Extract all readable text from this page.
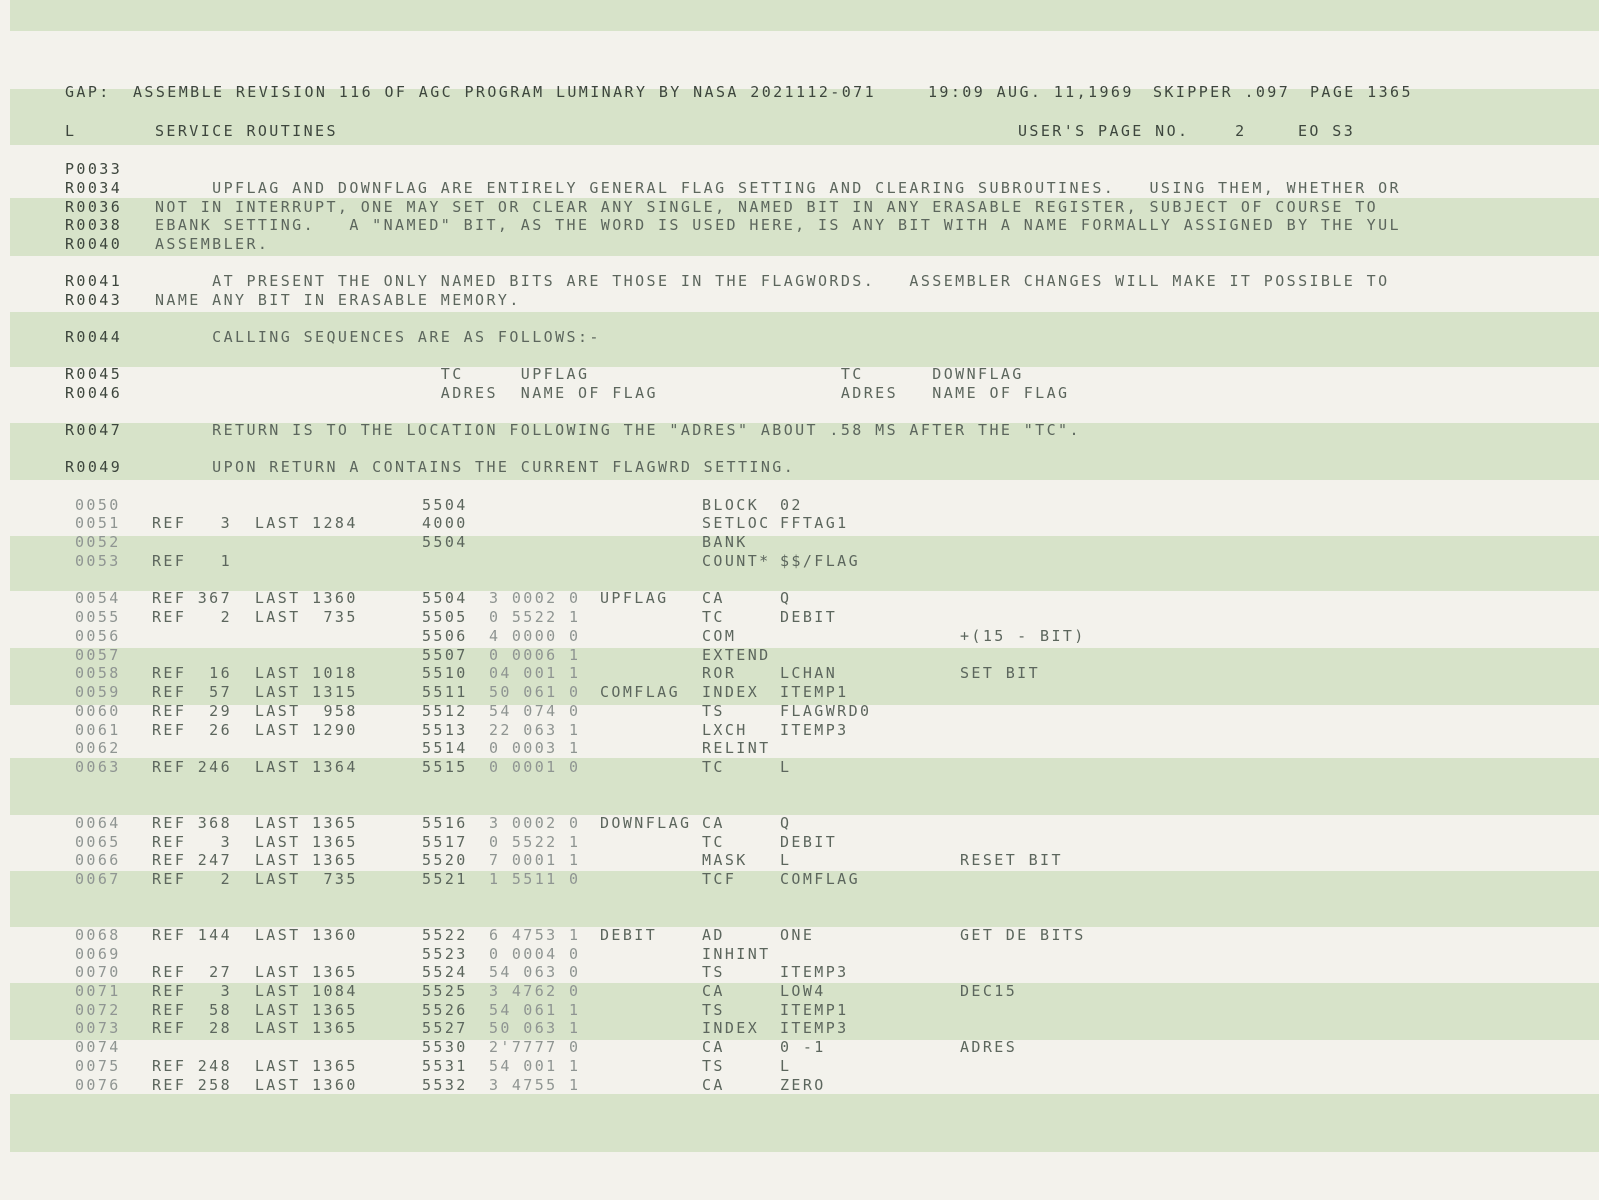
GAP: ASSEMBLE REVISION 116 OF AGC PROGRAM LUMINARY BY NASA 2021112-071	19:09 AUG. 11,1969 SKIPPER .097 PAGE 1365
L	SERVICE ROUTINES	USER'S PAGE NO.    2	EO S3
P0033
R0034 UPFLAG AND DOWNFLAG ARE ENTIRELY GENERAL FLAG SETTING AND CLEARING SUBROUTINES.   USING THEM, WHETHER OR
R0036 NOT IN INTERRUPT, ONE MAY SET OR CLEAR ANY SINGLE, NAMED BIT IN ANY ERASABLE REGISTER, SUBJECT OF COURSE TO
R0038 EBANK SETTING.   A "NAMED" BIT, AS THE WORD IS USED HERE, IS ANY BIT WITH A NAME FORMALLY ASSIGNED BY THE YUL
R0040 ASSEMBLER.
R0041 AT PRESENT THE ONLY NAMED BITS ARE THOSE IN THE FLAGWORDS.   ASSEMBLER CHANGES WILL MAKE IT POSSIBLE TO
R0043 NAME ANY BIT IN ERASABLE MEMORY.
R0044 CALLING SEQUENCES ARE AS FOLLOWS:-
R0045 TC     UPFLAG                      TC      DOWNFLAG
R0046 ADRES  NAME OF FLAG                ADRES   NAME OF FLAG
R0047 RETURN IS TO THE LOCATION FOLLOWING THE "ADRES" ABOUT .58 MS AFTER THE "TC".
R0049 UPON RETURN A CONTAINS THE CURRENT FLAGWRD SETTING.
0050	5504	BLOCK 02
0051 REF   3  LAST 1284	4000	SETLOC FFTAG1
0052	5504	BANK
0053 REF   1	COUNT* $$/FLAG
0054 REF 367  LAST 1360	5504 3 0002 0 UPFLAG CA	Q
0055 REF   2  LAST  735	5505 0 5522 1	TC	DEBIT
0056	5506 4 0000 0	COM	+(15 - BIT)
0057	5507 0 0006 1	EXTEND
0058 REF  16  LAST 1018	5510 04 001 1	ROR	LCHAN	SET BIT
0059 REF  57  LAST 1315	5511 50 061 0 COMFLAG INDEX ITEMP1
0060 REF  29  LAST  958	5512 54 074 0	TS	FLAGWRD0
0061 REF  26  LAST 1290	5513 22 063 1	LXCH ITEMP3
0062	5514 0 0003 1	RELINT
0063 REF 246  LAST 1364	5515 0 0001 0	TC	L
0064 REF 368  LAST 1365	5516 3 0002 0 DOWNFLAG CA	Q
0065 REF   3  LAST 1365	5517 0 5522 1	TC	DEBIT
0066 REF 247  LAST 1365	5520 7 0001 1	MASK L	RESET BIT
0067 REF   2  LAST  735	5521 1 5511 0	TCF	COMFLAG
0068 REF 144  LAST 1360	5522 6 4753 1 DEBIT	AD	ONE	GET DE BITS
0069	5523 0 0004 0	INHINT
0070 REF  27  LAST 1365	5524 54 063 0	TS	ITEMP3
0071 REF   3  LAST 1084	5525 3 4762 0	CA	LOW4	DEC15
0072 REF  58  LAST 1365	5526 54 061 1	TS	ITEMP1
0073 REF  28  LAST 1365	5527 50 063 1	INDEX ITEMP3
0074	5530 2'7777 0	CA	0 -1	ADRES
0075 REF 248  LAST 1365	5531 54 001 1	TS	L
0076 REF 258  LAST 1360	5532 3 4755 1	CA	ZERO
